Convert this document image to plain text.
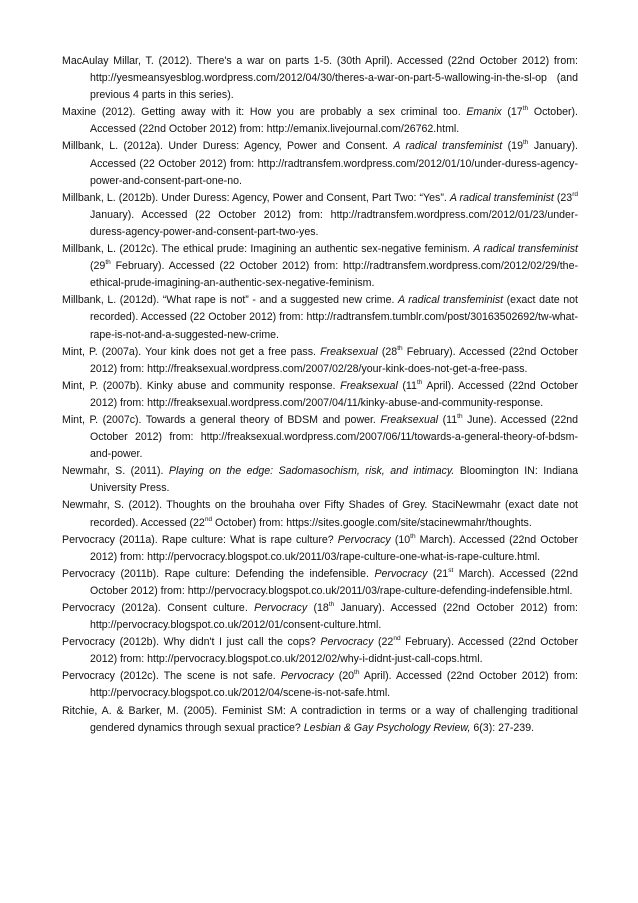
MacAulay Millar, T. (2012). There's a war on parts 1-5. (30th April). Accessed (22nd October 2012) from: http://yesmeansyesblog.wordpress.com/2012/04/30/theres-a-war-on-part-5-wallowing-in-the-sl-op (and previous 4 parts in this series).

Maxine (2012). Getting away with it: How you are probably a sex criminal too. Emanix (17th October). Accessed (22nd October 2012) from: http://emanix.livejournal.com/26762.html.

Millbank, L. (2012a). Under Duress: Agency, Power and Consent. A radical transfeminist (19th January). Accessed (22 October 2012) from: http://radtransfem.wordpress.com/2012/01/10/under-duress-agency-power-and-consent-part-one-no.

Millbank, L. (2012b). Under Duress: Agency, Power and Consent, Part Two: “Yes”. A radical transfeminist (23rd January). Accessed (22 October 2012) from: http://radtransfem.wordpress.com/2012/01/23/under-duress-agency-power-and-consent-part-two-yes.

Millbank, L. (2012c). The ethical prude: Imagining an authentic sex-negative feminism. A radical transfeminist (29th February). Accessed (22 October 2012) from: http://radtransfem.wordpress.com/2012/02/29/the-ethical-prude-imagining-an-authentic-sex-negative-feminism.

Millbank, L. (2012d). “What rape is not” - and a suggested new crime. A radical transfeminist (exact date not recorded). Accessed (22 October 2012) from: http://radtransfem.tumblr.com/post/30163502692/tw-what-rape-is-not-and-a-suggested-new-crime.

Mint, P. (2007a). Your kink does not get a free pass. Freaksexual (28th February). Accessed (22nd October 2012) from: http://freaksexual.wordpress.com/2007/02/28/your-kink-does-not-get-a-free-pass.

Mint, P. (2007b). Kinky abuse and community response. Freaksexual (11th April). Accessed (22nd October 2012) from: http://freaksexual.wordpress.com/2007/04/11/kinky-abuse-and-community-response.

Mint, P. (2007c). Towards a general theory of BDSM and power. Freaksexual (11th June). Accessed (22nd October 2012) from: http://freaksexual.wordpress.com/2007/06/11/towards-a-general-theory-of-bdsm-and-power.

Newmahr, S. (2011). Playing on the edge: Sadomasochism, risk, and intimacy. Bloomington IN: Indiana University Press.

Newmahr, S. (2012). Thoughts on the brouhaha over Fifty Shades of Grey. StaciNewmahr (exact date not recorded). Accessed (22nd October) from: https://sites.google.com/site/stacinewmahr/thoughts.

Pervocracy (2011a). Rape culture: What is rape culture? Pervocracy (10th March). Accessed (22nd October 2012) from: http://pervocracy.blogspot.co.uk/2011/03/rape-culture-one-what-is-rape-culture.html.

Pervocracy (2011b). Rape culture: Defending the indefensible. Pervocracy (21st March). Accessed (22nd October 2012) from: http://pervocracy.blogspot.co.uk/2011/03/rape-culture-defending-indefensible.html.

Pervocracy (2012a). Consent culture. Pervocracy (18th January). Accessed (22nd October 2012) from: http://pervocracy.blogspot.co.uk/2012/01/consent-culture.html.

Pervocracy (2012b). Why didn't I just call the cops? Pervocracy (22nd February). Accessed (22nd October 2012) from: http://pervocracy.blogspot.co.uk/2012/02/why-i-didnt-just-call-cops.html.

Pervocracy (2012c). The scene is not safe. Pervocracy (20th April). Accessed (22nd October 2012) from: http://pervocracy.blogspot.co.uk/2012/04/scene-is-not-safe.html.

Ritchie, A. & Barker, M. (2005). Feminist SM: A contradiction in terms or a way of challenging traditional gendered dynamics through sexual practice? Lesbian & Gay Psychology Review, 6(3): 27-239.
